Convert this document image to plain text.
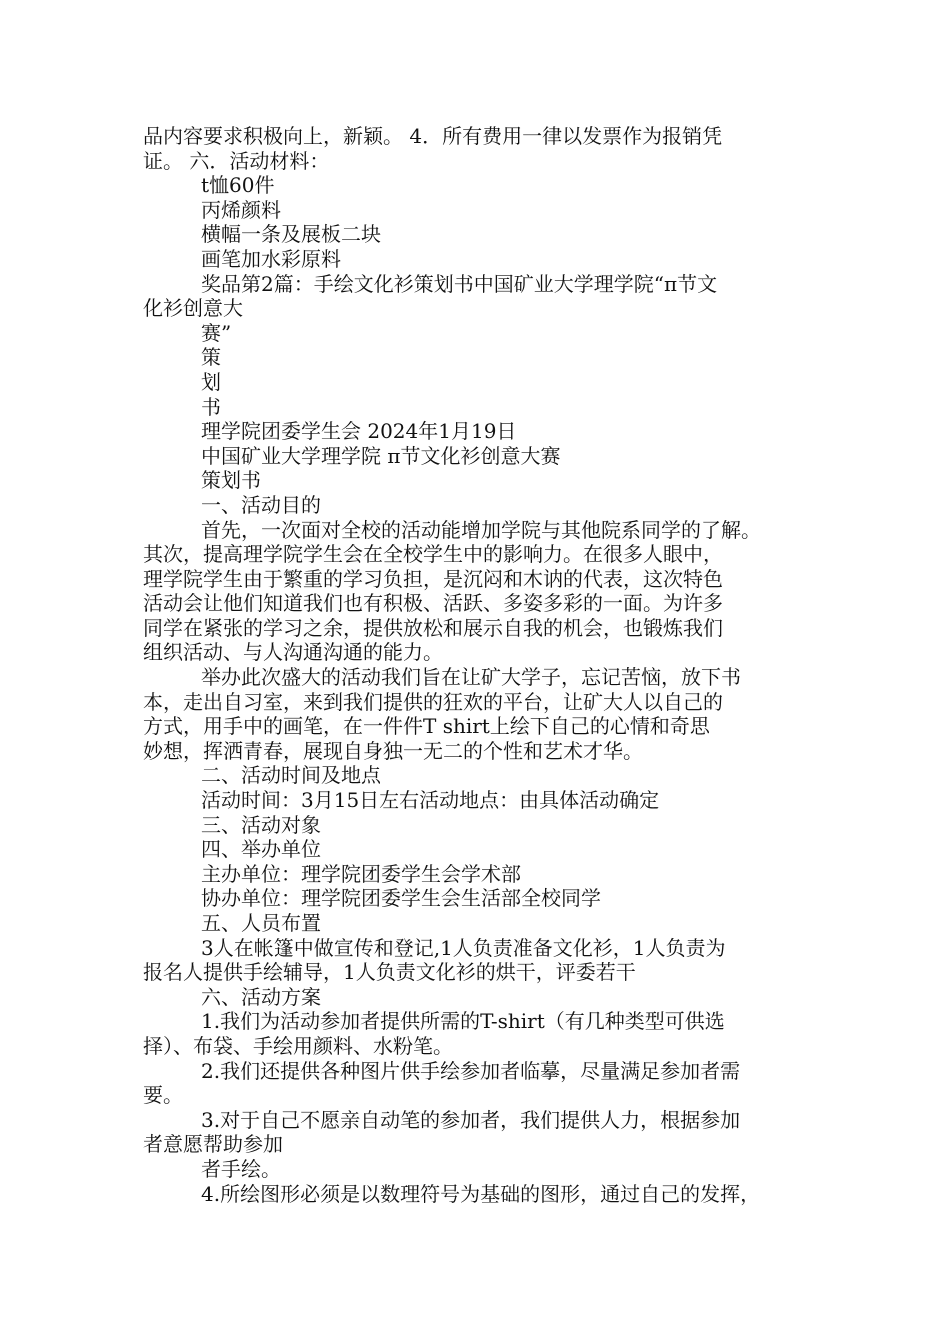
品内容要求积极向上，新颖。 4．所有费用一律以发票作为报销凭
证。 六．活动材料：
t恤60件
丙烯颜料
横幅一条及展板二块
画笔加水彩原料
奖品第2篇：手绘文化衫策划书中国矿业大学理学院“π节文
化衫创意大
赛”
策
划
书
理学院团委学生会 2024年1月19日
中国矿业大学理学院 π节文化衫创意大赛
策划书
一、活动目的
首先，一次面对全校的活动能增加学院与其他院系同学的了解。
其次，提高理学院学生会在全校学生中的影响力。在很多人眼中，
理学院学生由于繁重的学习负担，是沉闷和木讷的代表，这次特色
活动会让他们知道我们也有积极、活跃、多姿多彩的一面。为许多
同学在紧张的学习之余，提供放松和展示自我的机会，也锻炼我们
组织活动、与人沟通沟通的能力。
举办此次盛大的活动我们旨在让矿大学子，忘记苦恼，放下书
本，走出自习室，来到我们提供的狂欢的平台，让矿大人以自己的
方式，用手中的画笔，在一件件T shirt上绘下自己的心情和奇思
妙想，挥洒青春，展现自身独一无二的个性和艺术才华。
二、活动时间及地点
活动时间：3月15日左右活动地点：由具体活动确定
三、活动对象
四、举办单位
主办单位：理学院团委学生会学术部
协办单位：理学院团委学生会生活部全校同学
五、人员布置
3人在帐篷中做宣传和登记,1人负责准备文化衫，1人负责为
报名人提供手绘辅导，1人负责文化衫的烘干，评委若干
六、活动方案
1.我们为活动参加者提供所需的T-shirt（有几种类型可供选
择）、布袋、手绘用颜料、水粉笔。
2.我们还提供各种图片供手绘参加者临摹，尽量满足参加者需
要。
3.对于自己不愿亲自动笔的参加者，我们提供人力，根据参加
者意愿帮助参加
者手绘。
4.所绘图形必须是以数理符号为基础的图形，通过自己的发挥，
